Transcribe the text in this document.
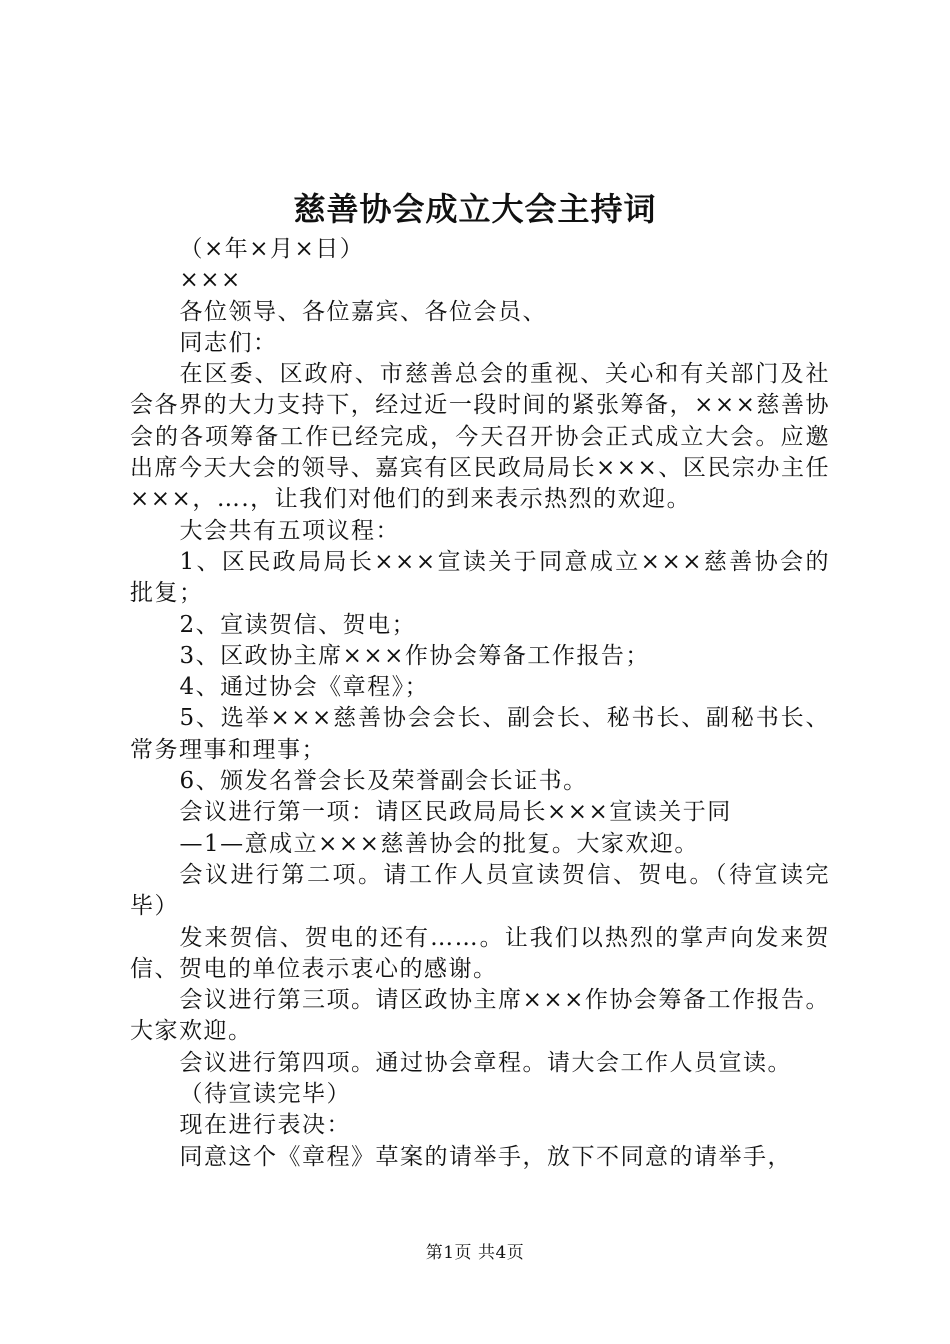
慈善协会成立大会主持词

（×年×月×日）

×××

各位领导、各位嘉宾、各位会员、

同志们：

在区委、区政府、市慈善总会的重视、关心和有关部门及社会各界的大力支持下，经过近一段时间的紧张筹备，×××慈善协会的各项筹备工作已经完成，今天召开协会正式成立大会。应邀出席今天大会的领导、嘉宾有区民政局局长×××、区民宗办主任×××，….，让我们对他们的到来表示热烈的欢迎。

大会共有五项议程：

1、区民政局局长×××宣读关于同意成立×××慈善协会的批复；

2、宣读贺信、贺电；

3、区政协主席×××作协会筹备工作报告；

4、通过协会《章程》；

5、选举×××慈善协会会长、副会长、秘书长、副秘书长、常务理事和理事；

6、颁发名誉会长及荣誉副会长证书。

会议进行第一项：请区民政局局长×××宣读关于同

—1—意成立×××慈善协会的批复。大家欢迎。

会议进行第二项。请工作人员宣读贺信、贺电。（待宣读完毕）

发来贺信、贺电的还有……。让我们以热烈的掌声向发来贺信、贺电的单位表示衷心的感谢。

会议进行第三项。请区政协主席×××作协会筹备工作报告。大家欢迎。

会议进行第四项。通过协会章程。请大会工作人员宣读。

（待宣读完毕）

现在进行表决：

同意这个《章程》草案的请举手，放下不同意的请举手，

第1页 共4页
